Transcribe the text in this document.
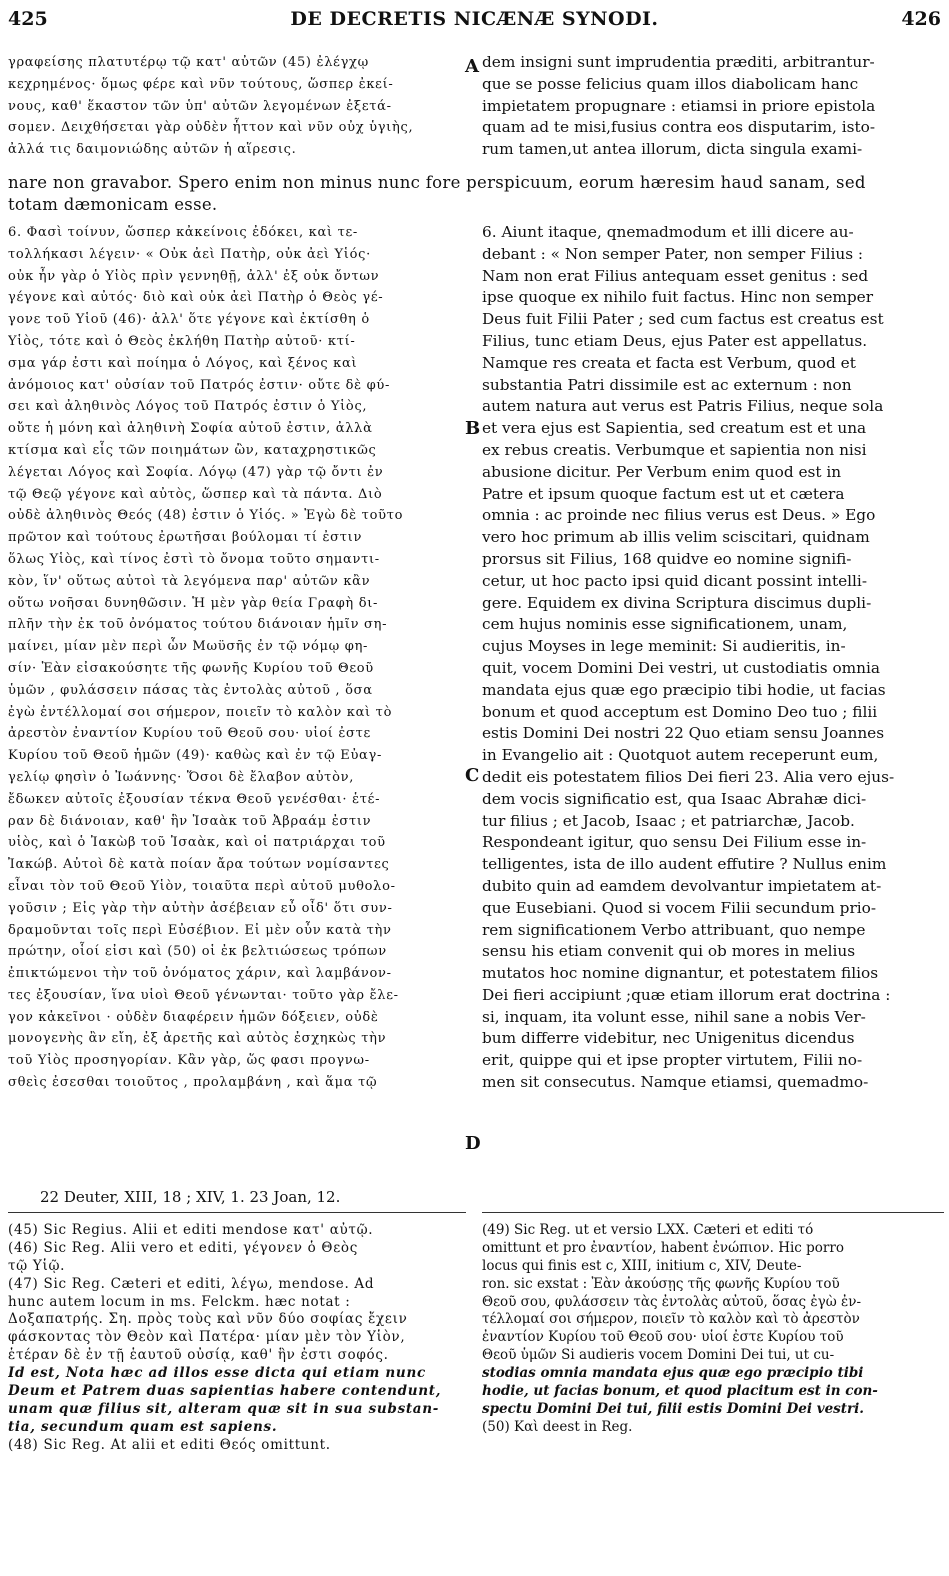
425	DE DECRETIS NICÆNÆ SYNODI.	426
γραφείσης πλατυτέρῳ τῷ κατ' αὐτῶν (45) ἐλέγχῳ
κεχρημένος· ὅμως φέρε καὶ νῦν τούτους, ὥσπερ ἐκεί-
νους, καθ' ἕκαστον τῶν ὑπ' αὐτῶν λεγομένων ἐξετά-
σομεν. Δειχθήσεται γὰρ οὐδὲν ἧττον καὶ νῦν οὐχ ὑγιὴς,
ἀλλά τις δαιμονιώδης αὐτῶν ἡ αἵρεσις.
dem insigni sunt imprudentia præditi, arbitrantur-
que se posse felicius quam illos diabolicam hanc
impietatem propugnare : etiamsi in priore epistola
quam ad te misi,fusius contra eos disputarim, isto-
rum tamen,ut antea illorum, dicta singula exami-
nare non gravabor. Spero enim non minus nunc fore perspicuum, eorum hæresim haud sanam, sed
totam dæmonicam esse.
6. Φασὶ τοίνυν, ὥσπερ κἀκείνοις ἐδόκει, καὶ τε-
τολλήκασι λέγειν· « Οὐκ ἀεὶ Πατὴρ, οὐκ ἀεὶ Υἱός·
οὐκ ἦν γὰρ ὁ Υἱὸς πρὶν γεννηθῇ, ἀλλ' ἐξ οὐκ ὄντων
γέγονε καὶ αὐτός· διὸ καὶ οὐκ ἀεὶ Πατὴρ ὁ Θεὸς γέ-
γονε τοῦ Υἱοῦ (46)· ἀλλ' ὅτε γέγονε καὶ ἐκτίσθη ὁ
Υἱὸς, τότε καὶ ὁ Θεὸς ἐκλήθη Πατὴρ αὐτοῦ· κτί-
σμα γάρ ἐστι καὶ ποίημα ὁ Λόγος, καὶ ξένος καὶ
ἀνόμοιος κατ' οὐσίαν τοῦ Πατρός ἐστιν· οὔτε δὲ φύ-
σει καὶ ἀληθινὸς Λόγος τοῦ Πατρός ἐστιν ὁ Υἱὸς,
οὔτε ἡ μόνη καὶ ἀληθινὴ Σοφία αὐτοῦ ἐστιν, ἀλλὰ
κτίσμα καὶ εἷς τῶν ποιημάτων ὢν, καταχρηστικῶς
λέγεται Λόγος καὶ Σοφία. Λόγῳ (47) γὰρ τῷ ὄντι ἐν
τῷ Θεῷ γέγονε καὶ αὐτὸς, ὥσπερ καὶ τὰ πάντα. Διὸ
οὐδὲ ἀληθινὸς Θεός (48) ἐστιν ὁ Υἱός. » Ἐγὼ δὲ τοῦτο
πρῶτον καὶ τούτους ἐρωτῆσαι βούλομαι τί ἐστιν
ὅλως Υἱὸς, καὶ τίνος ἐστὶ τὸ ὄνομα τοῦτο σημαντι-
κὸν, ἵν' οὕτως αὐτοὶ τὰ λεγόμενα παρ' αὐτῶν κἂν
οὕτω νοῆσαι δυνηθῶσιν. Ἡ μὲν γὰρ θεία Γραφὴ δι-
πλῆν τὴν ἐκ τοῦ ὀνόματος τούτου διάνοιαν ἡμῖν ση-
μαίνει, μίαν μὲν περὶ ὧν Μωϋσῆς ἐν τῷ νόμῳ φη-
σίν· Ἐὰν εἰσακούσητε τῆς φωνῆς Κυρίου τοῦ Θεοῦ
ὑμῶν , φυλάσσειν πάσας τὰς ἐντολὰς αὐτοῦ , ὅσα
ἐγὼ ἐντέλλομαί σοι σήμερον, ποιεῖν τὸ καλὸν καὶ τὸ
ἀρεστὸν ἐναντίον Κυρίου τοῦ Θεοῦ σου· υἱοί ἐστε
Κυρίου τοῦ Θεοῦ ἡμῶν (49)· καθὼς καὶ ἐν τῷ Εὐαγ-
γελίῳ φησὶν ὁ Ἰωάννης· Ὅσοι δὲ ἔλαβον αὐτὸν,
ἔδωκεν αὐτοῖς ἐξουσίαν τέκνα Θεοῦ γενέσθαι· ἑτέ-
ραν δὲ διάνοιαν, καθ' ἣν Ἰσαὰκ τοῦ Ἀβραάμ ἐστιν
υἱὸς, καὶ ὁ Ἰακὼβ τοῦ Ἰσαὰκ, καὶ οἱ πατριάρχαι τοῦ
Ἰακώβ. Αὐτοὶ δὲ κατὰ ποίαν ἄρα τούτων νομίσαντες
εἶναι τὸν τοῦ Θεοῦ Υἱὸν, τοιαῦτα περὶ αὐτοῦ μυθολο-
γοῦσιν ; Εἰς γὰρ τὴν αὐτὴν ἀσέβειαν εὖ οἶδ' ὅτι συν-
δραμοῦνται τοῖς περὶ Εὐσέβιον. Εἰ μὲν οὖν κατὰ τὴν
πρώτην, οἷοί εἰσι καὶ (50) οἱ ἐκ βελτιώσεως τρόπων
ἐπικτώμενοι τὴν τοῦ ὀνόματος χάριν, καὶ λαμβάνον-
τες ἐξουσίαν, ἵνα υἱοὶ Θεοῦ γένωνται· τοῦτο γὰρ ἔλε-
γον κἀκεῖνοι · οὐδὲν διαφέρειν ἡμῶν δόξειεν, οὐδὲ
μονογενὴς ἂν εἴη, ἐξ ἀρετῆς καὶ αὐτὸς ἐσχηκὼς τὴν
τοῦ Υἱὸς προσηγορίαν. Κἂν γὰρ, ὥς φασι προγνω-
σθεὶς ἐσεσθαι τοιοῦτος , προλαμβάνη , καὶ ἅμα τῷ
6. Aiunt itaque, qnemadmodum et illi dicere au-
debant : « Non semper Pater, non semper Filius :
Nam non erat Filius antequam esset genitus : sed
ipse quoque ex nihilo fuit factus. Hinc non semper
Deus fuit Filii Pater ; sed cum factus est creatus est
Filius, tunc etiam Deus, ejus Pater est appellatus.
Namque res creata et facta est Verbum, quod et
substantia Patri dissimile est ac externum : non
autem natura aut verus est Patris Filius, neque sola
et vera ejus est Sapientia, sed creatum est et una
ex rebus creatis. Verbumque et sapientia non nisi
abusione dicitur. Per Verbum enim quod est in
Patre et ipsum quoque factum est ut et cætera
omnia : ac proinde nec filius verus est Deus. » Ego
vero hoc primum ab illis velim sciscitari, quidnam
prorsus sit Filius, 168 quidve eo nomine signifi-
cetur, ut hoc pacto ipsi quid dicant possint intelli-
gere. Equidem ex divina Scriptura discimus dupli-
cem hujus nominis esse significationem, unam,
cujus Moyses in lege meminit: Si audieritis, in-
quit, vocem Domini Dei vestri, ut custodiatis omnia
mandata ejus quæ ego præcipio tibi hodie, ut facias
bonum et quod acceptum est Domino Deo tuo ; filii
estis Domini Dei nostri 22 Quo etiam sensu Joannes
in Evangelio ait : Quotquot autem receperunt eum,
dedit eis potestatem filios Dei fieri 23. Alia vero ejus-
dem vocis significatio est, qua Isaac Abrahæ dici-
tur filius ; et Jacob, Isaac ; et patriarchæ, Jacob.
Respondeant igitur, quo sensu Dei Filium esse in-
telligentes, ista de illo audent effutire ? Nullus enim
dubito quin ad eamdem devolvantur impietatem at-
que Eusebiani. Quod si vocem Filii secundum prio-
rem significationem Verbo attribuant, quo nempe
sensu his etiam convenit qui ob mores in melius
mutatos hoc nomine dignantur, et potestatem filios
Dei fieri accipiunt ;quæ etiam illorum erat doctrina :
si, inquam, ita volunt esse, nihil sane a nobis Ver-
bum differre videbitur, nec Unigenitus dicendus
erit, quippe qui et ipse propter virtutem, Filii no-
men sit consecutus. Namque etiamsi, quemadmo-
A
B
C
D
22 Deuter, XIII, 18 ; XIV, 1. 23 Joan, 12.
(45) Sic Regius. Alii et editi mendose κατ' αὐτῷ.
(46) Sic Reg. Alii vero et editi, γέγονεν ὁ Θεὸς
τῷ Υἱῷ.
(47) Sic Reg. Cæteri et editi, λέγω, mendose. Ad
hunc autem locum in ms. Felckm. hæc notat :
Δοξαπατρής. Ση. πρὸς τοὺς καὶ νῦν δύο σοφίας ἔχειν
φάσκοντας τὸν Θεὸν καὶ Πατέρα· μίαν μὲν τὸν Υἱὸν,
ἑτέραν δὲ ἐν τῇ ἑαυτοῦ οὐσίᾳ, καθ' ἣν ἐστι σοφός.
Id est, Nota hæc ad illos esse dicta qui etiam nunc
Deum et Patrem duas sapientias habere contendunt,
unam quæ filius sit, alteram quæ sit in sua substan-
tia, secundum quam est sapiens.
(48) Sic Reg. At alii et editi Θεός omittunt.
(49) Sic Reg. ut et versio LXX. Cæteri et editi τό
omittunt et pro ἐναντίον, habent ἐνώπιον. Hic porro
locus qui finis est c, XIII, initium c, XIV, Deute-
ron. sic exstat : Ἐὰν ἀκούσῃς τῆς φωνῆς Κυρίου τοῦ
Θεοῦ σου, φυλάσσειν τὰς ἐντολὰς αὐτοῦ, ὅσας ἐγὼ ἐν-
τέλλομαί σοι σήμερον, ποιεῖν τὸ καλὸν καὶ τὸ ἀρεστὸν
ἐναντίον Κυρίου τοῦ Θεοῦ σου· υἱοί ἐστε Κυρίου τοῦ
Θεοῦ ὑμῶν Si audieris vocem Domini Dei tui, ut cu-
stodias omnia mandata ejus quæ ego præcipio tibi
hodie, ut facias bonum, et quod placitum est in con-
spectu Domini Dei tui, filii estis Domini Dei vestri.
(50) Καὶ deest in Reg.
